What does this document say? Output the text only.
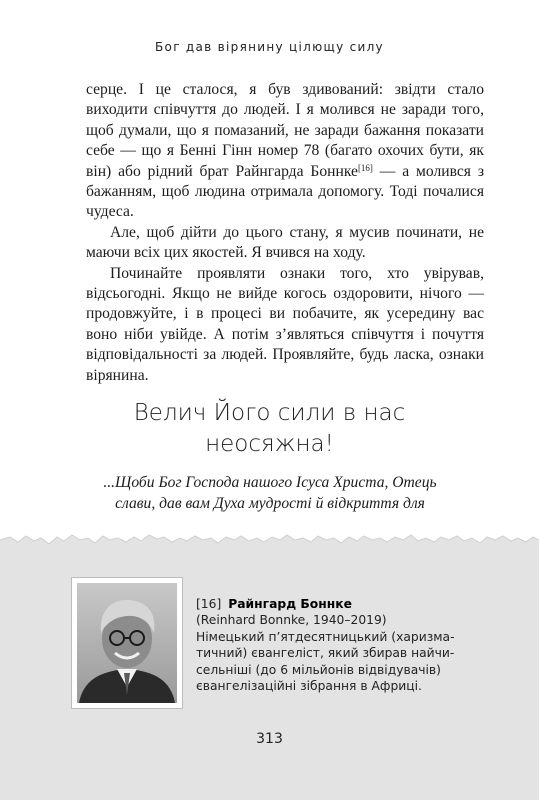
Бог дав вірянину цілющу силу

серце. І це сталося, я був здивований: звідти стало виходити співчуття до людей. І я молився не заради того, щоб думали, що я помазаний, не заради бажання показати себе — що я Бенні Гінн номер 78 (багато охочих бути, як він) або рідний брат Райнгарда Боннке[16] — а молився з бажанням, щоб людина отримала допомогу. Тоді почалися чудеса.

Але, щоб дійти до цього стану, я мусив починати, не маючи всіх цих якостей. Я вчився на ходу.

Починайте проявляти ознаки того, хто увірував, відсьогодні. Якщо не вийде когось оздоровити, нічого — продовжуйте, і в процесі ви побачите, як усередину вас воно ніби увійде. А потім з’являться співчуття і почуття відповідальності за людей. Проявляйте, будь ласка, ознаки вірянина.

Велич Його сили в нас
неосяжна!
...Щоби Бог Господа нашого Ісуса Христа, Отець
слави, дав вам Духа мудрості й відкриття для
[16] Райнгард Боннке
(Reinhard Bonnke, 1940–2019)
Німецький п’ятдесятницький (харизма-
тичний) євангеліст, який збирав найчи-
сельніші (до 6 мільйонів відвідувачів)
євангелізаційні зібрання в Африці.
313
